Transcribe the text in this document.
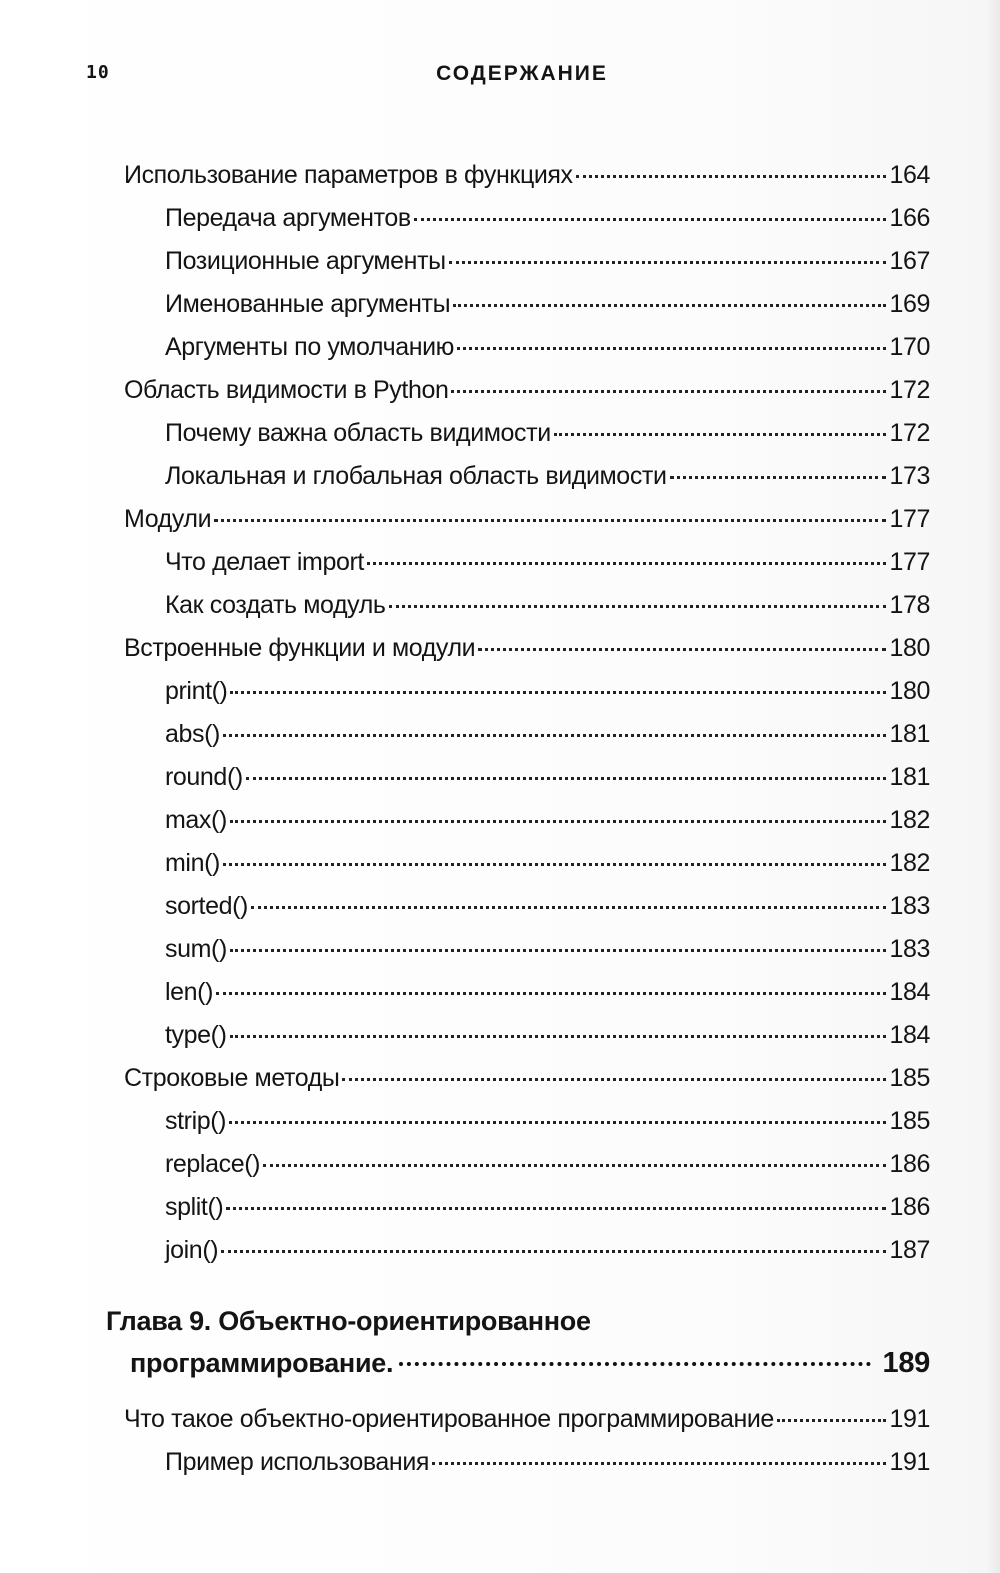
10	СОДЕРЖАНИЕ
Использование параметров в функциях	164
Передача аргументов	166
Позиционные аргументы	167
Именованные аргументы	169
Аргументы по умолчанию	170
Область видимости в Python	172
Почему важна область видимости	172
Локальная и глобальная область видимости	173
Модули	177
Что делает import	177
Как создать модуль	178
Встроенные функции и модули	180
print()	180
abs()	181
round()	181
max()	182
min()	182
sorted()	183
sum()	183
len()	184
type()	184
Строковые методы	185
strip()	185
replace()	186
split()	186
join()	187
Глава 9. Объектно-ориентированное
программирование.	189
Что такое объектно-ориентированное программирование	191
Пример использования	191
